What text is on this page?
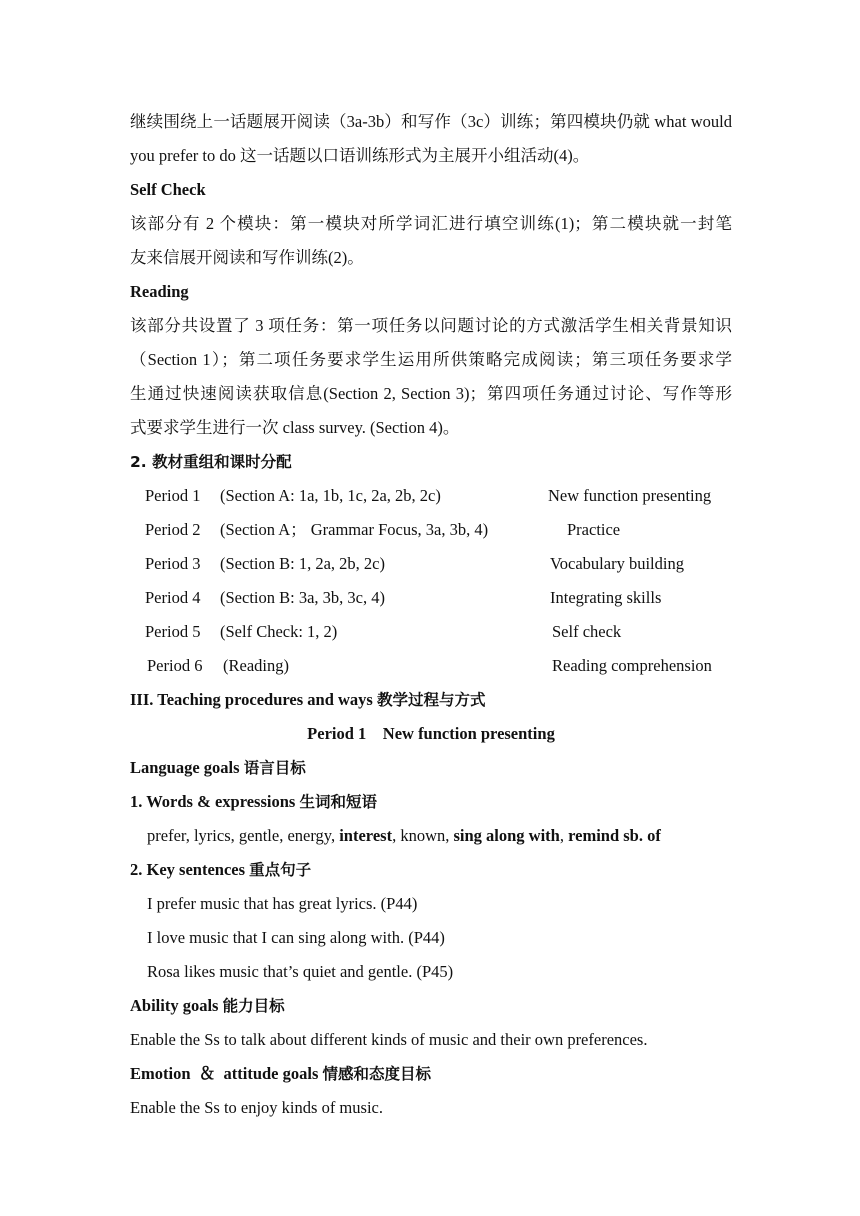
继续围绕上一话题展开阅读（3a-3b）和写作（3c）训练；第四模块仍就 what would
you prefer to do 这一话题以口语训练形式为主展开小组活动(4)。
Self Check
该部分有 2 个模块：第一模块对所学词汇进行填空训练(1)；第二模块就一封笔
友来信展开阅读和写作训练(2)。
Reading
该部分共设置了 3 项任务：第一项任务以问题讨论的方式激活学生相关背景知识
（Section 1）；第二项任务要求学生运用所供策略完成阅读；第三项任务要求学
生通过快速阅读获取信息(Section 2, Section 3)；第四项任务通过讨论、写作等形
式要求学生进行一次 class survey. (Section 4)。
2. 教材重组和课时分配
Period 1 (Section A: 1a, 1b, 1c, 2a, 2b, 2c)	New function presenting
Period 2 (Section A； Grammar Focus, 3a, 3b, 4)	Practice
Period 3 (Section B: 1, 2a, 2b, 2c)	Vocabulary building
Period 4 (Section B: 3a, 3b, 3c, 4)	Integrating skills
Period 5 (Self Check: 1, 2)	Self check
Period 6 (Reading)	Reading comprehension
III. Teaching procedures and ways 教学过程与方式
Period 1    New function presenting
Language goals 语言目标
1. Words & expressions 生词和短语
prefer, lyrics, gentle, energy, interest, known, sing along with, remind sb. of
2. Key sentences 重点句子
I prefer music that has great lyrics. (P44)
I love music that I can sing along with. (P44)
Rosa likes music that’s quiet and gentle. (P45)
Ability goals 能力目标
Enable the Ss to talk about different kinds of music and their own preferences.
Emotion  ＆  attitude goals 情感和态度目标
Enable the Ss to enjoy kinds of music.
